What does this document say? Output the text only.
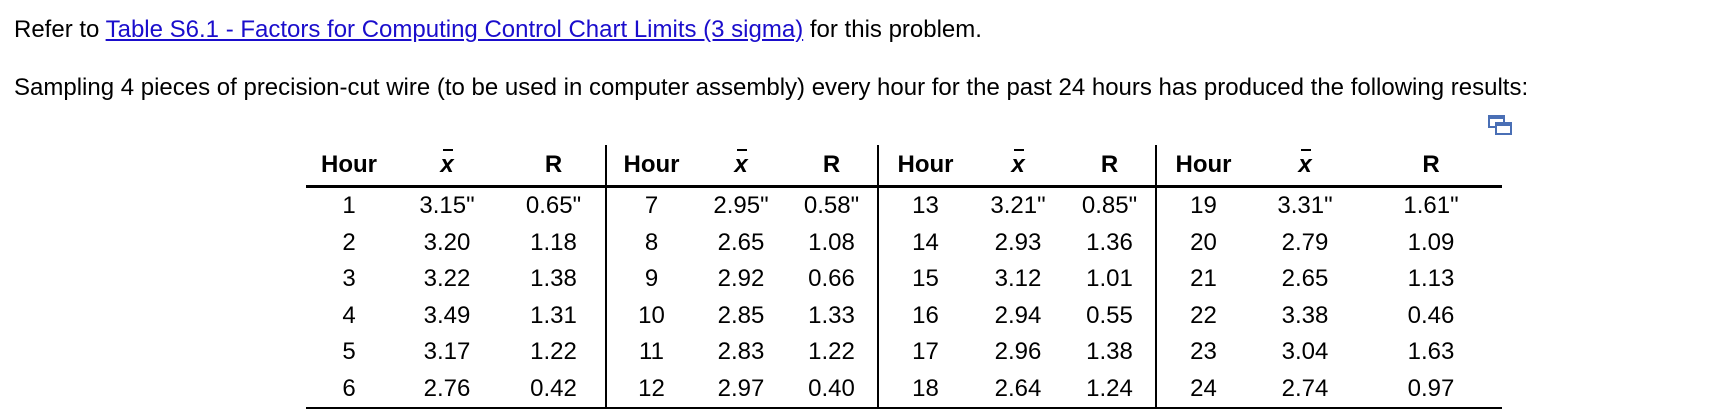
Refer to Table S6.1 - Factors for Computing Control Chart Limits (3 sigma) for this problem.
Sampling 4 pieces of precision-cut wire (to be used in computer assembly) every hour for the past 24 hours has produced the following results:
Hour	x	R	Hour	x	R	Hour	x	R	Hour	x	R
1	3.15"	0.65"	7	2.95"	0.58"	13	3.21"	0.85"	19	3.31"	1.61"
2	3.20	1.18	8	2.65	1.08	14	2.93	1.36	20	2.79	1.09
3	3.22	1.38	9	2.92	0.66	15	3.12	1.01	21	2.65	1.13
4	3.49	1.31	10	2.85	1.33	16	2.94	0.55	22	3.38	0.46
5	3.17	1.22	11	2.83	1.22	17	2.96	1.38	23	3.04	1.63
6	2.76	0.42	12	2.97	0.40	18	2.64	1.24	24	2.74	0.97
